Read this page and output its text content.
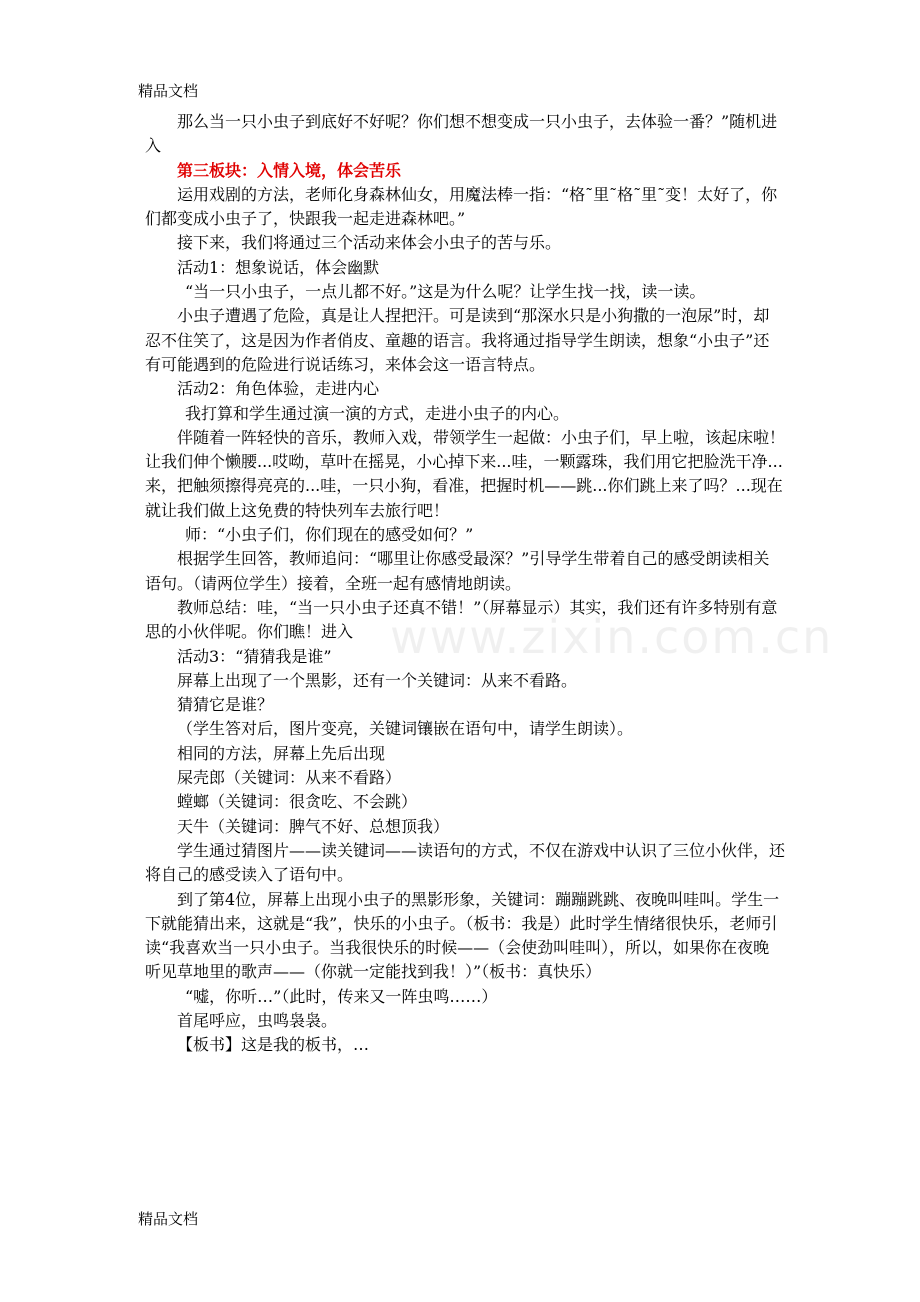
精品文档
www.zixin.com.cn

那么当一只小虫子到底好不好呢？你们想不想变成一只小虫子，去体验一番？”随机进入

第三板块：入情入境，体会苦乐

运用戏剧的方法，老师化身森林仙女，用魔法棒一指：“格˜里˜格˜里˜变！太好了，你们都变成小虫子了，快跟我一起走进森林吧。”

接下来，我们将通过三个活动来体会小虫子的苦与乐。

活动1：想象说话，体会幽默

“当一只小虫子，一点儿都不好。”这是为什么呢？让学生找一找，读一读。

小虫子遭遇了危险，真是让人捏把汗。可是读到“那深水只是小狗撒的一泡尿”时，却忍不住笑了，这是因为作者俏皮、童趣的语言。我将通过指导学生朗读，想象“小虫子”还有可能遇到的危险进行说话练习，来体会这一语言特点。

活动2：角色体验，走进内心

我打算和学生通过演一演的方式，走进小虫子的内心。

伴随着一阵轻快的音乐，教师入戏，带领学生一起做：小虫子们，早上啦，该起床啦！让我们伸个懒腰...哎呦，草叶在摇晃，小心掉下来...哇，一颗露珠，我们用它把脸洗干净...来，把触须擦得亮亮的...哇，一只小狗，看准，把握时机——跳...你们跳上来了吗？...现在就让我们做上这免费的特快列车去旅行吧！

师：“小虫子们，你们现在的感受如何？”

根据学生回答，教师追问：“哪里让你感受最深？”引导学生带着自己的感受朗读相关语句。（请两位学生）接着，全班一起有感情地朗读。

教师总结：哇，“当一只小虫子还真不错！”（屏幕显示）其实，我们还有许多特别有意思的小伙伴呢。你们瞧！进入

活动3：“猜猜我是谁”

屏幕上出现了一个黑影，还有一个关键词：从来不看路。

猜猜它是谁？

（学生答对后，图片变亮，关键词镶嵌在语句中，请学生朗读）。

相同的方法，屏幕上先后出现

屎壳郎（关键词：从来不看路）

螳螂（关键词：很贪吃、不会跳）

天牛（关键词：脾气不好、总想顶我）

学生通过猜图片——读关键词——读语句的方式，不仅在游戏中认识了三位小伙伴，还将自己的感受读入了语句中。

到了第4位，屏幕上出现小虫子的黑影形象，关键词：蹦蹦跳跳、夜晚叫哇叫。学生一下就能猜出来，这就是“我”，快乐的小虫子。（板书：我是）此时学生情绪很快乐，老师引读“我喜欢当一只小虫子。当我很快乐的时候——（会使劲叫哇叫），所以，如果你在夜晚听见草地里的歌声——（你就一定能找到我！）”（板书：真快乐）

“嘘，你听…”（此时，传来又一阵虫鸣……）

首尾呼应，虫鸣袅袅。

【板书】这是我的板书，…

精品文档
